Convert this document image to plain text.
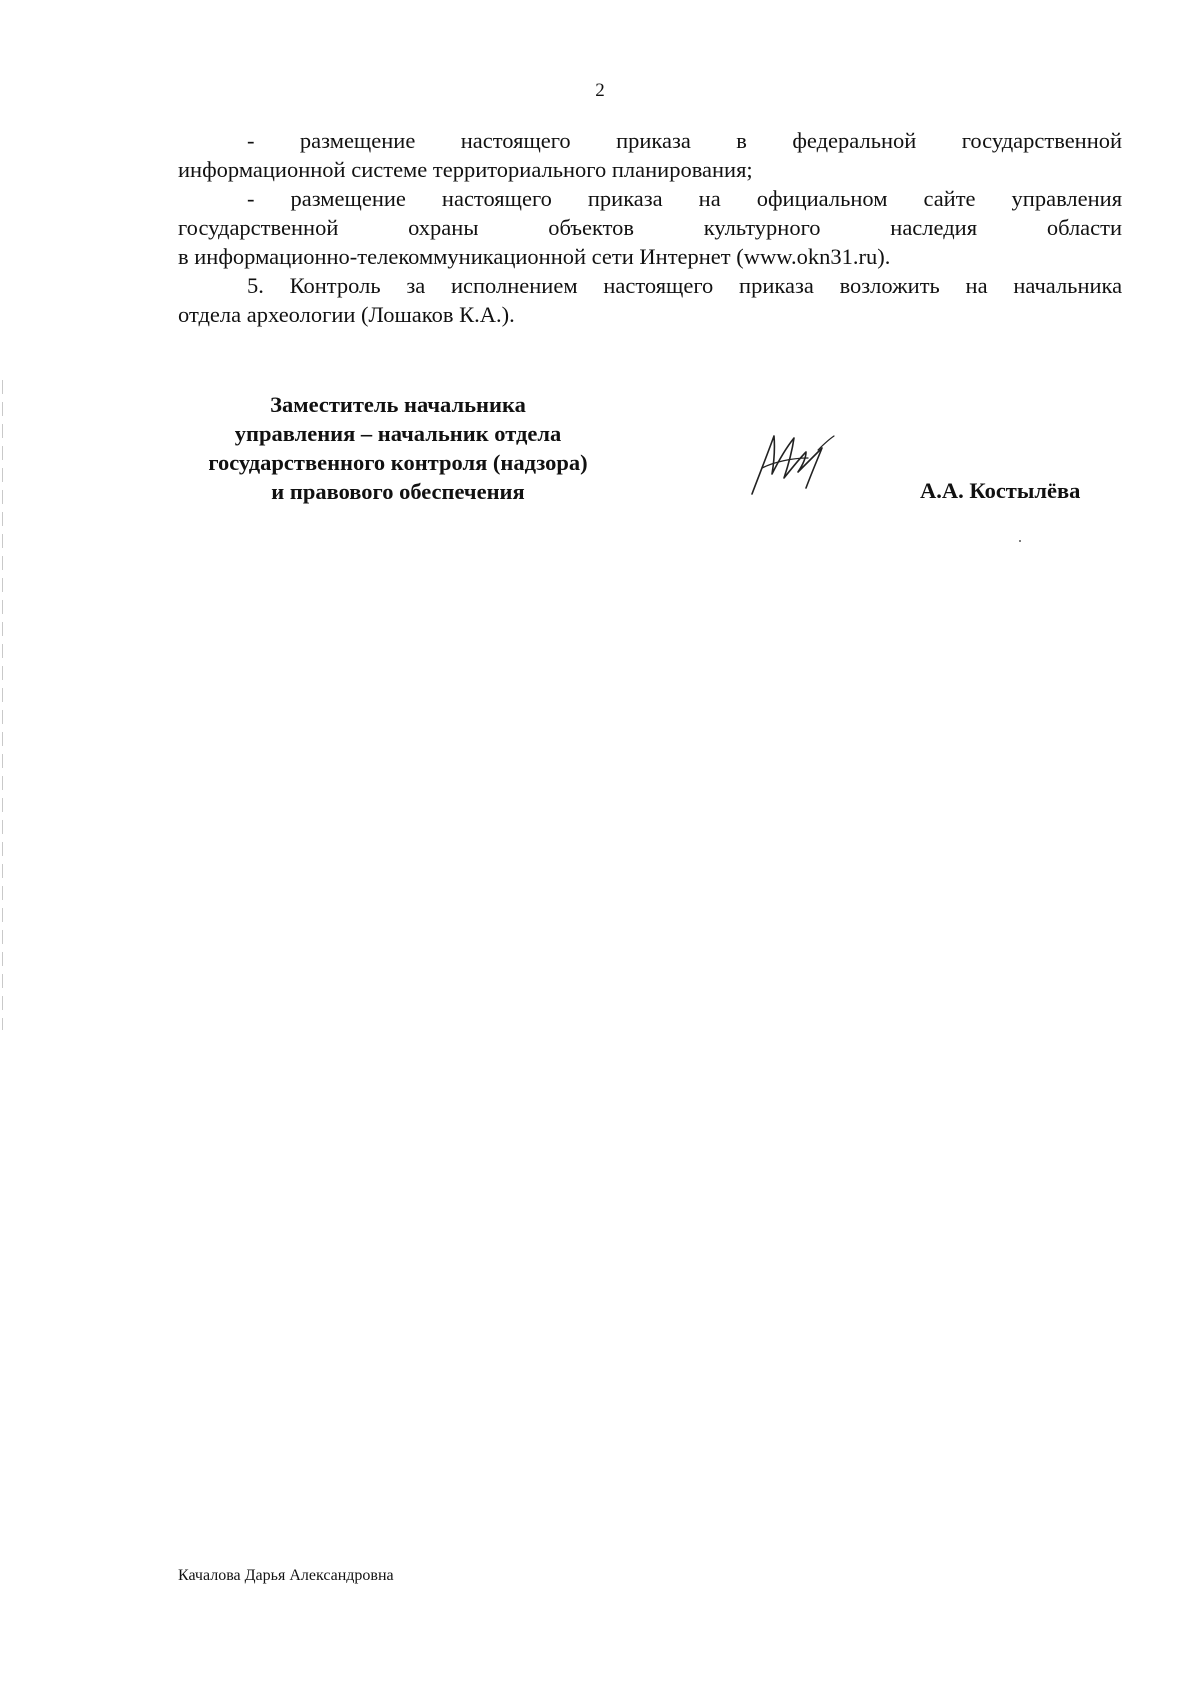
2
- размещение настоящего приказа в федеральной государственной
информационной системе территориального планирования;
- размещение настоящего приказа на официальном сайте управления
государственной	охраны	объектов	культурного	наследия	области
в информационно-телекоммуникационной сети Интернет (www.okn31.ru).
5. Контроль за исполнением настоящего приказа возложить на начальника
отдела археологии (Лошаков К.А.).
Заместитель начальника
управления – начальник отдела
государственного контроля (надзора)
и правового обеспечения	А.А. Костылёва
Качалова Дарья Александровна
